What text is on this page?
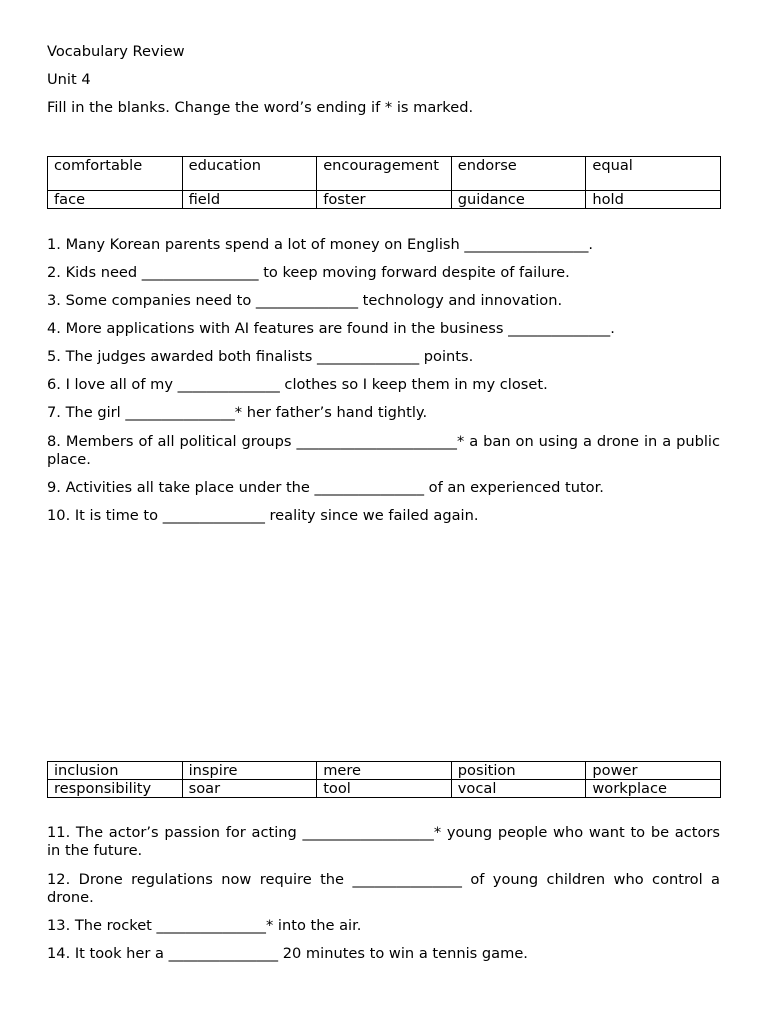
Vocabulary Review
Unit 4
Fill in the blanks. Change the word’s ending if * is marked.
comfortable	education	encouragement	endorse	equal
face	field	foster	guidance	hold
1. Many Korean parents spend a lot of money on English _________________.
2. Kids need ________________ to keep moving forward despite of failure.
3. Some companies need to ______________ technology and innovation.
4. More applications with AI features are found in the business ______________.
5. The judges awarded both finalists ______________ points.
6. I love all of my ______________ clothes so I keep them in my closet.
7. The girl _______________* her father’s hand tightly.
8. Members of all political groups ______________________* a ban on using a drone in a public place.
9. Activities all take place under the _______________ of an experienced tutor.
10. It is time to ______________ reality since we failed again.
inclusion	inspire	mere	position	power
responsibility	soar	tool	vocal	workplace
11. The actor’s passion for acting __________________* young people who want to be actors in the future.
12. Drone regulations now require the _______________ of young children who control a drone.
13. The rocket _______________* into the air.
14. It took her a _______________ 20 minutes to win a tennis game.
